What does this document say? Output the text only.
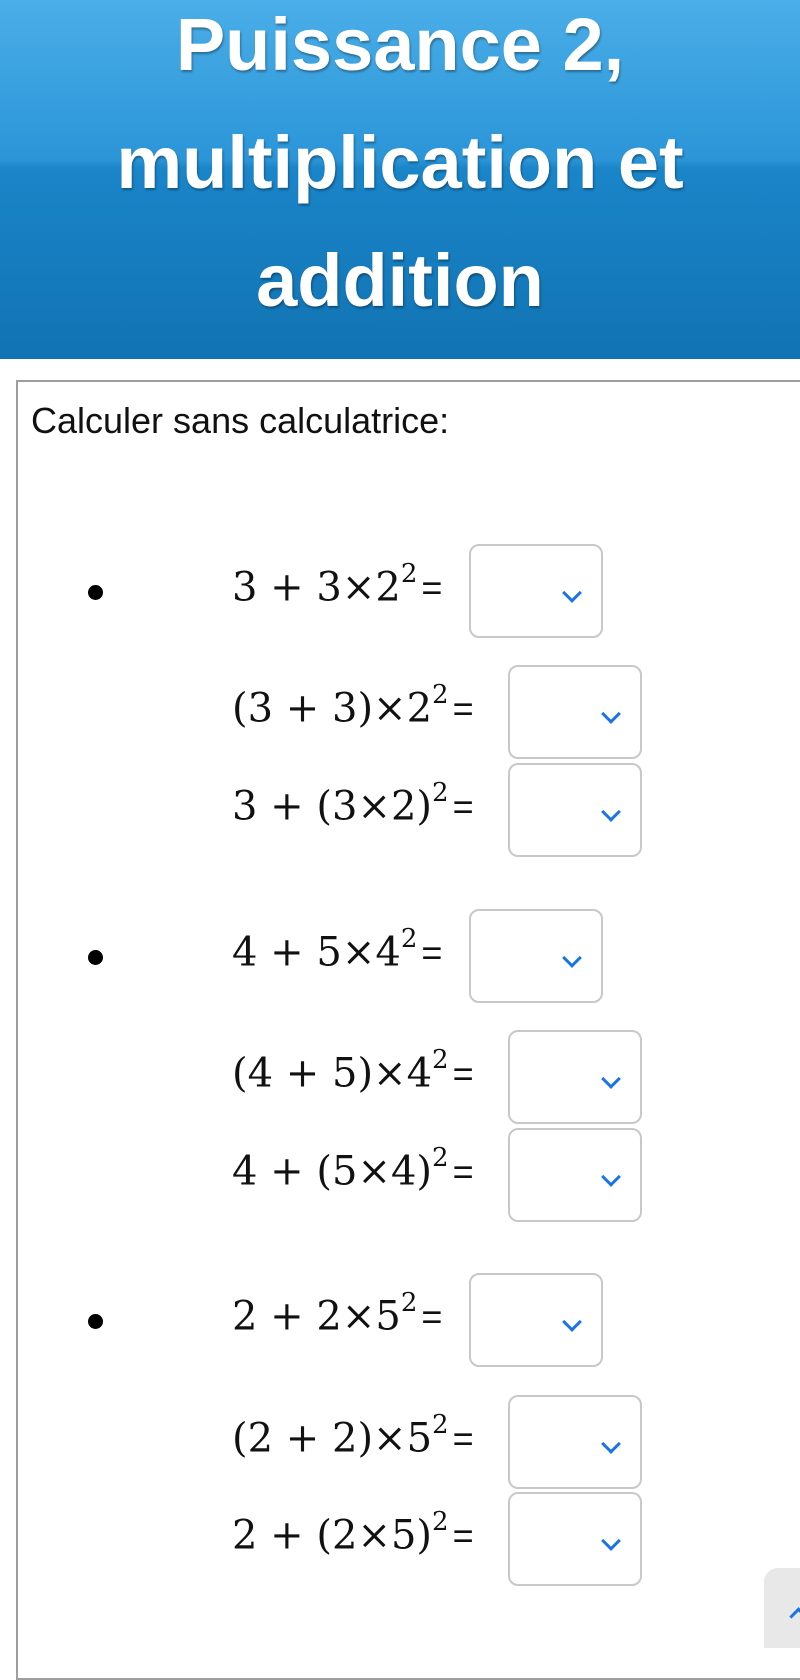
Puissance 2,
multiplication et
addition
Calculer sans calculatrice:
$3 + 3\times 2^2$ =
$(3 + 3)\times 2^2$ =
$3 + (3\times 2)^2$ =
$4 + 5\times 4^2$ =
$(4 + 5)\times 4^2$ =
$4 + (5\times 4)^2$ =
$2 + 2\times 5^2$ =
$(2 + 2)\times 5^2$ =
$2 + (2\times 5)^2$ =
